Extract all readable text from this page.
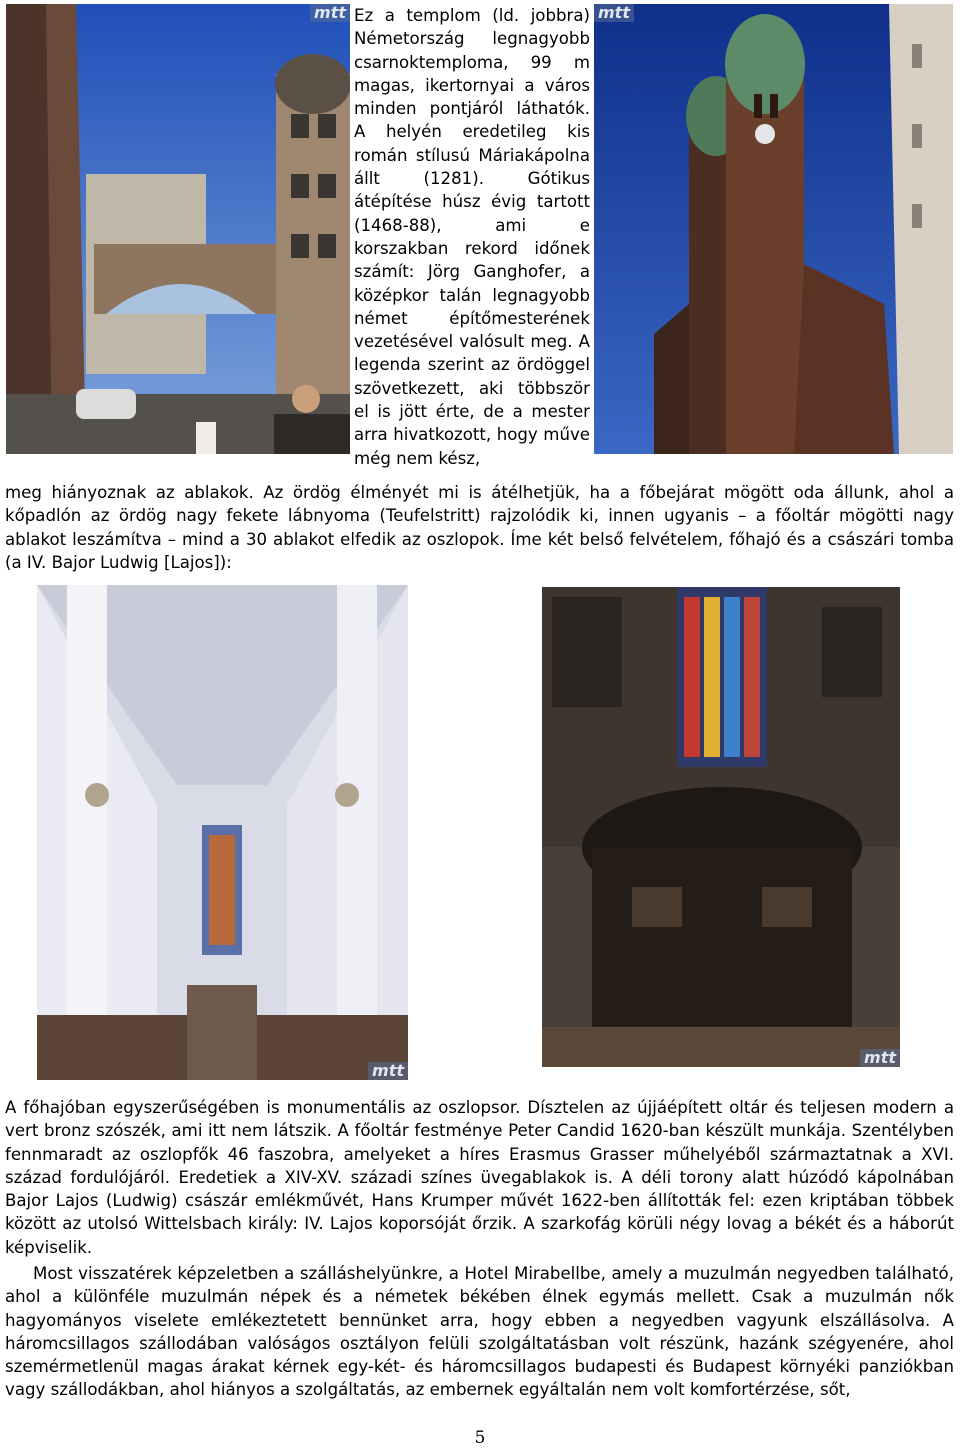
mtt Ez a templom (ld. jobbra) Németország legnagyobb csarnoktemploma, 99 m magas, ikertornyai a város minden pontjáról láthatók. A helyén eredetileg kis román stílusú Máriakápolna állt (1281). Gótikus átépítése húsz évig tartott (1468-88), ami e korszakban rekord időnek számít: Jörg Ganghofer, a középkor talán legnagyobb német építőmesterének vezetésével valósult meg. A legenda szerint az ördöggel szövetkezett, aki többször el is jött érte, de a mester arra hivatkozott, hogy műve még nem kész,

mtt

meg hiányoznak az ablakok. Az ördög élményét mi is átélhetjük, ha a főbejárat mögött oda állunk, ahol a kőpadlón az ördög nagy fekete lábnyoma (Teufelstritt) rajzolódik ki, innen ugyanis – a főoltár mögötti nagy ablakot leszámítva – mind a 30 ablakot elfedik az oszlopok. Íme két belső felvételem, főhajó és a császári tomba (a IV. Bajor Ludwig [Lajos]):

mtt
mtt

A főhajóban egyszerűségében is monumentális az oszlopsor. Dísztelen az újjáépített oltár és teljesen modern a vert bronz szószék, ami itt nem látszik. A főoltár festménye Peter Candid 1620-ban készült munkája. Szentélyben fennmaradt az oszlopfők 46 faszobra, amelyeket a híres Erasmus Grasser műhelyéből származtatnak a XVI. század fordulójáról. Eredetiek a XIV-XV. századi színes üvegablakok is. A déli torony alatt húzódó kápolnában Bajor Lajos (Ludwig) császár emlékművét, Hans Krumper művét 1622-ben állították fel: ezen kriptában többek között az utolsó Wittelsbach király: IV. Lajos koporsóját őrzik. A szarkofág körüli négy lovag a békét és a háborút képviselik.

Most visszatérek képzeletben a szálláshelyünkre, a Hotel Mirabellbe, amely a muzulmán negyedben található, ahol a különféle muzulmán népek és a németek békében élnek egymás mellett. Csak a muzulmán nők hagyományos viselete emlékeztetett bennünket arra, hogy ebben a negyedben vagyunk elszállásolva. A háromcsillagos szállodában valóságos osztályon felüli szolgáltatásban volt részünk, hazánk szégyenére, ahol szemérmetlenül magas árakat kérnek egy-két- és háromcsillagos budapesti és Budapest környéki panziókban vagy szállodákban, ahol hiányos a szolgáltatás, az embernek egyáltalán nem volt komfortérzése, sőt,

5
